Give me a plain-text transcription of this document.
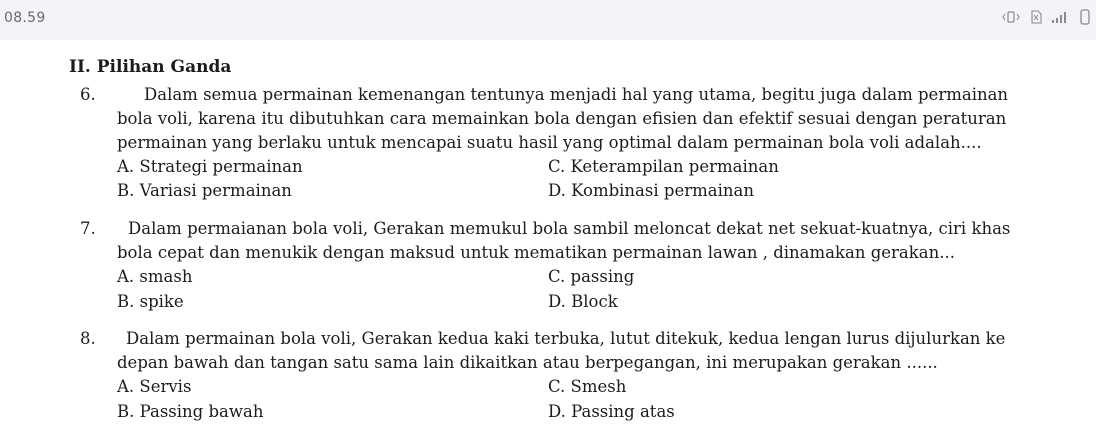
08.59
II. Pilihan Ganda
6.	Dalam semua permainan kemenangan tentunya menjadi hal yang utama, begitu juga dalam permainan

bola voli, karena itu dibutuhkan cara memainkan bola dengan efisien dan efektif sesuai dengan peraturan

permainan yang berlaku untuk mencapai suatu hasil yang optimal dalam permainan bola voli adalah....

A. Strategi permainan	C. Keterampilan permainan
B. Variasi permainan	D. Kombinasi permainan
7. Dalam permaianan bola voli, Gerakan memukul bola sambil meloncat dekat net sekuat-kuatnya, ciri khas

bola cepat dan menukik dengan maksud untuk mematikan permainan lawan , dinamakan gerakan...

A. smash	C. passing
B. spike	D. Block
8. Dalam permainan bola voli, Gerakan kedua kaki terbuka, lutut ditekuk, kedua lengan lurus dijulurkan ke

depan bawah dan tangan satu sama lain dikaitkan atau berpegangan, ini merupakan gerakan ......

A. Servis	C. Smesh
B. Passing bawah	D. Passing atas
